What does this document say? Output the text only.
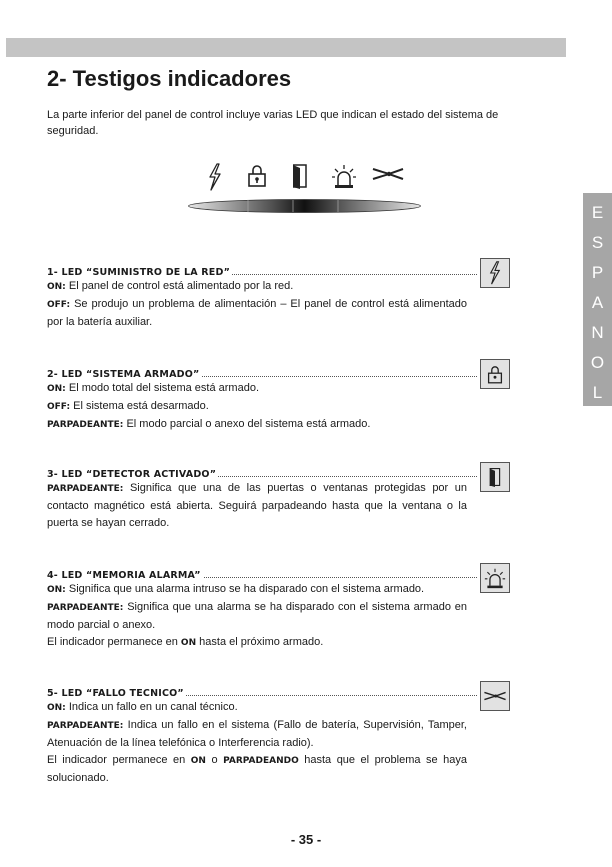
E
S
P
A
N
O
L
2- Testigos indicadores

La parte inferior del panel de control incluye varias LED que indican el estado del sistema de seguridad.

1- LED “SUMINISTRO DE LA RED”

ON: El panel de control está alimentado por la red.

OFF: Se produjo un problema de alimentación – El panel de control está alimentado por la batería auxiliar.

2- LED “SISTEMA ARMADO”

ON: El modo total del sistema está armado.

OFF: El sistema está desarmado.

PARPADEANTE: El modo parcial o anexo del sistema está armado.

3- LED “DETECTOR ACTIVADO”

PARPADEANTE: Significa que una de las puertas o ventanas protegidas por un contacto magnético está abierta. Seguirá parpadeando hasta que la ventana o la puerta se hayan cerrado.

4- LED “MEMORIA ALARMA”

ON: Significa que una alarma intruso se ha disparado con el sistema armado.

PARPADEANTE: Significa que una alarma se ha disparado con el sistema armado en modo parcial o anexo.

El indicador permanece en ON hasta el próximo armado.

5- LED “FALLO TECNICO”

ON: Indica un fallo en un canal técnico.

PARPADEANTE: Indica un fallo en el sistema (Fallo de batería, Supervisión, Tamper, Atenuación de la línea telefónica o Interferencia radio).

El indicador permanece en ON o PARPADEANDO hasta que el problema se haya solucionado.

- 35 -
